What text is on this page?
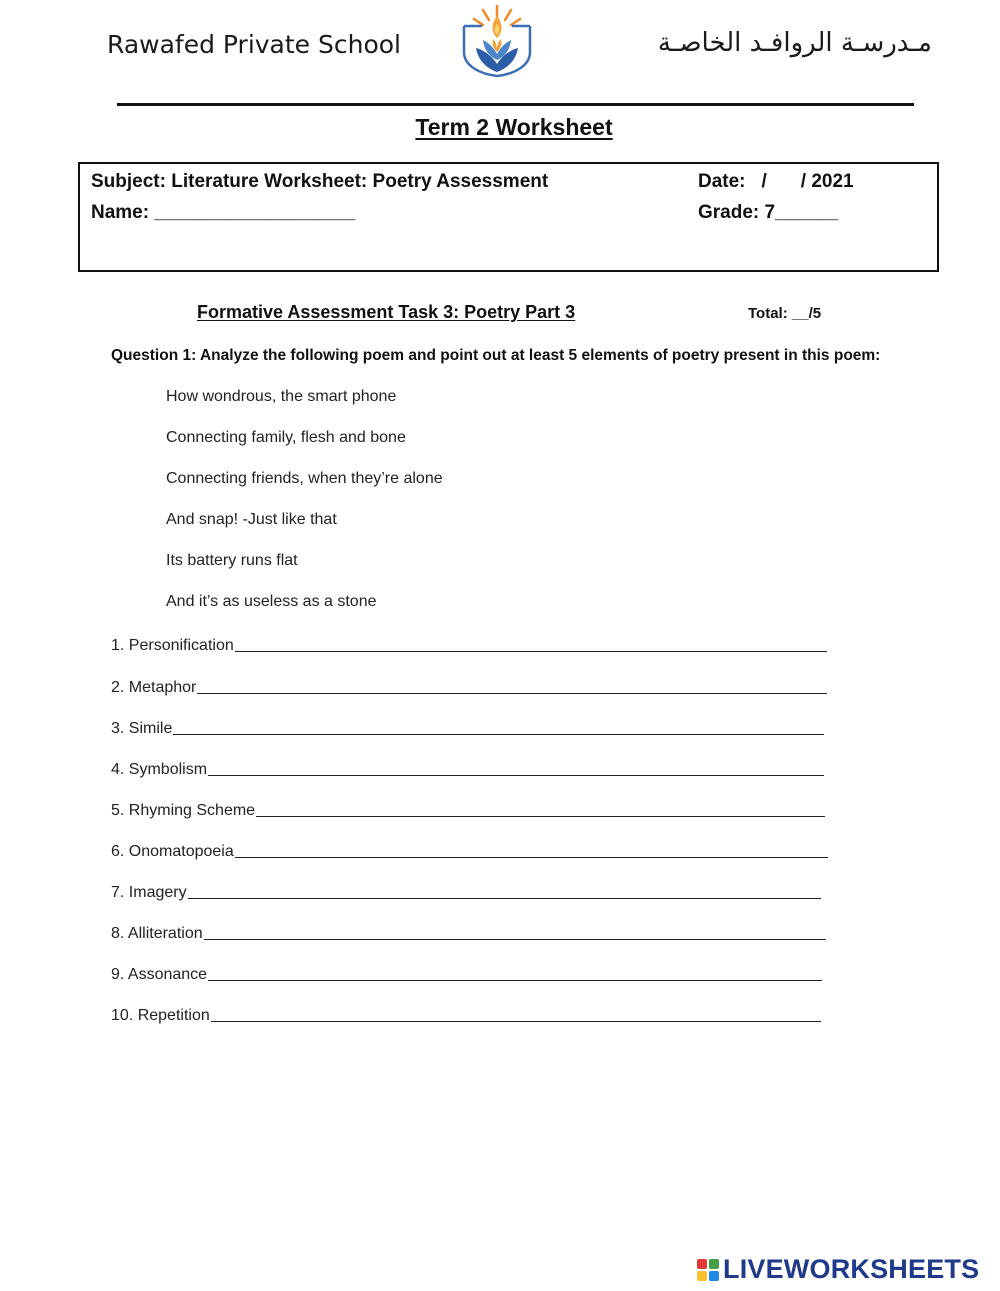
Rawafed Private School	مـدرسـة الروافـد الخاصـة
Term 2 Worksheet
Subject: Literature Worksheet: Poetry Assessment	Date: / / 2021
Name: ___________________	Grade: 7______
Formative Assessment Task 3: Poetry Part 3	Total: __/5
Question 1: Analyze the following poem and point out at least 5 elements of poetry present in this poem:
How wondrous, the smart phone
Connecting family, flesh and bone
Connecting friends, when they’re alone
And snap! -Just like that
Its battery runs flat
And it’s as useless as a stone
1. Personification
2. Metaphor
3. Simile
4. Symbolism
5. Rhyming Scheme
6. Onomatopoeia
7. Imagery
8. Alliteration
9. Assonance
10. Repetition
LIVEWORKSHEETS
